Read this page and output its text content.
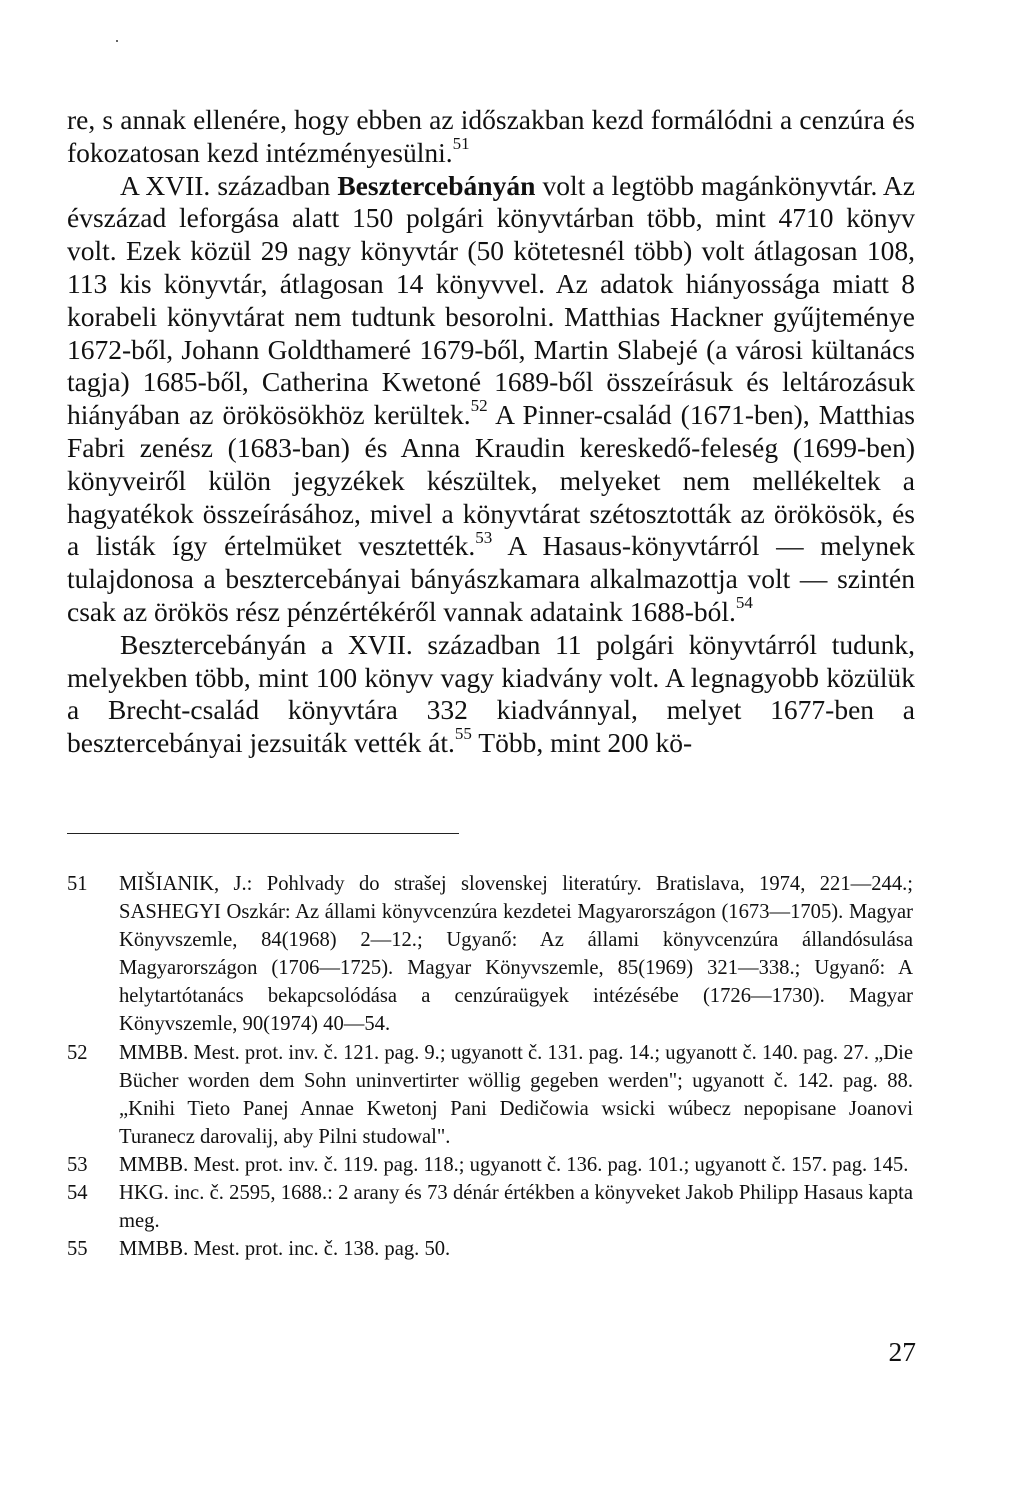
re, s annak ellenére, hogy ebben az időszakban kezd formálódni a cenzúra és fokozatosan kezd intézményesülni.$^{51}$

A XVII. században Besztercebányán volt a legtöbb magánkönyvtár. Az évszázad leforgása alatt 150 polgári könyvtárban több, mint 4710 könyv volt. Ezek közül 29 nagy könyvtár (50 kötetesnél több) volt átlagosan 108, 113 kis könyvtár, átlagosan 14 könyvvel. Az adatok hiányossága miatt 8 korabeli könyvtárat nem tudtunk besorolni. Matthias Hackner gyűjteménye 1672-ből, Johann Goldthameré 1679-ből, Martin Slabejé (a városi kültanács tagja) 1685-ből, Catherina Kwetoné 1689-ből összeírásuk és leltározásuk hiányában az örökösökhöz kerültek.$^{52}$ A Pinner-család (1671-ben), Matthias Fabri zenész (1683-ban) és Anna Kraudin kereskedő-feleség (1699-ben) könyveiről külön jegyzékek készültek, melyeket nem mellékeltek a hagyatékok összeírásához, mivel a könyvtárat szétosztották az örökösök, és a listák így értelmüket vesztették.$^{53}$ A Hasaus-könyvtárról — melynek tulajdonosa a besztercebányai bányászkamara alkalmazottja volt — szintén csak az örökös rész pénzértékéről vannak adataink 1688-ból.$^{54}$

Besztercebányán a XVII. században 11 polgári könyvtárról tudunk, melyekben több, mint 100 könyv vagy kiadvány volt. A legnagyobb közülük a Brecht-család könyvtára 332 kiadvánnyal, melyet 1677-ben a besztercebányai jezsuiták vették át.$^{55}$ Több, mint 200 kö-

51 MIŠIANIK, J.: Pohlvady do strašej slovenskej literatúry. Bratislava, 1974, 221—244.; SASHEGYI Oszkár: Az állami könyvcenzúra kezdetei Magyarországon (1673—1705). Magyar Könyvszemle, 84(1968) 2—12.; Ugyanő: Az állami könyvcenzúra állandósulása Magyarországon (1706—1725). Magyar Könyvszemle, 85(1969) 321—338.; Ugyanő: A helytartótanács bekapcsolódása a cenzúraügyek intézésébe (1726—1730). Magyar Könyvszemle, 90(1974) 40—54.

52 MMBB. Mest. prot. inv. č. 121. pag. 9.; ugyanott č. 131. pag. 14.; ugyanott č. 140. pag. 27. „Die Bücher worden dem Sohn uninvertirter wöllig gegeben werden"; ugyanott č. 142. pag. 88. „Knihi Tieto Panej Annae Kwetonj Pani Dedičowia wsicki wúbecz nepopisane Joanovi Turanecz darovalij, aby Pilni studowal".

53 MMBB. Mest. prot. inv. č. 119. pag. 118.; ugyanott č. 136. pag. 101.; ugyanott č. 157. pag. 145.

54 HKG. inc. č. 2595, 1688.: 2 arany és 73 dénár értékben a könyveket Jakob Philipp Hasaus kapta meg.

55 MMBB. Mest. prot. inc. č. 138. pag. 50.

27
